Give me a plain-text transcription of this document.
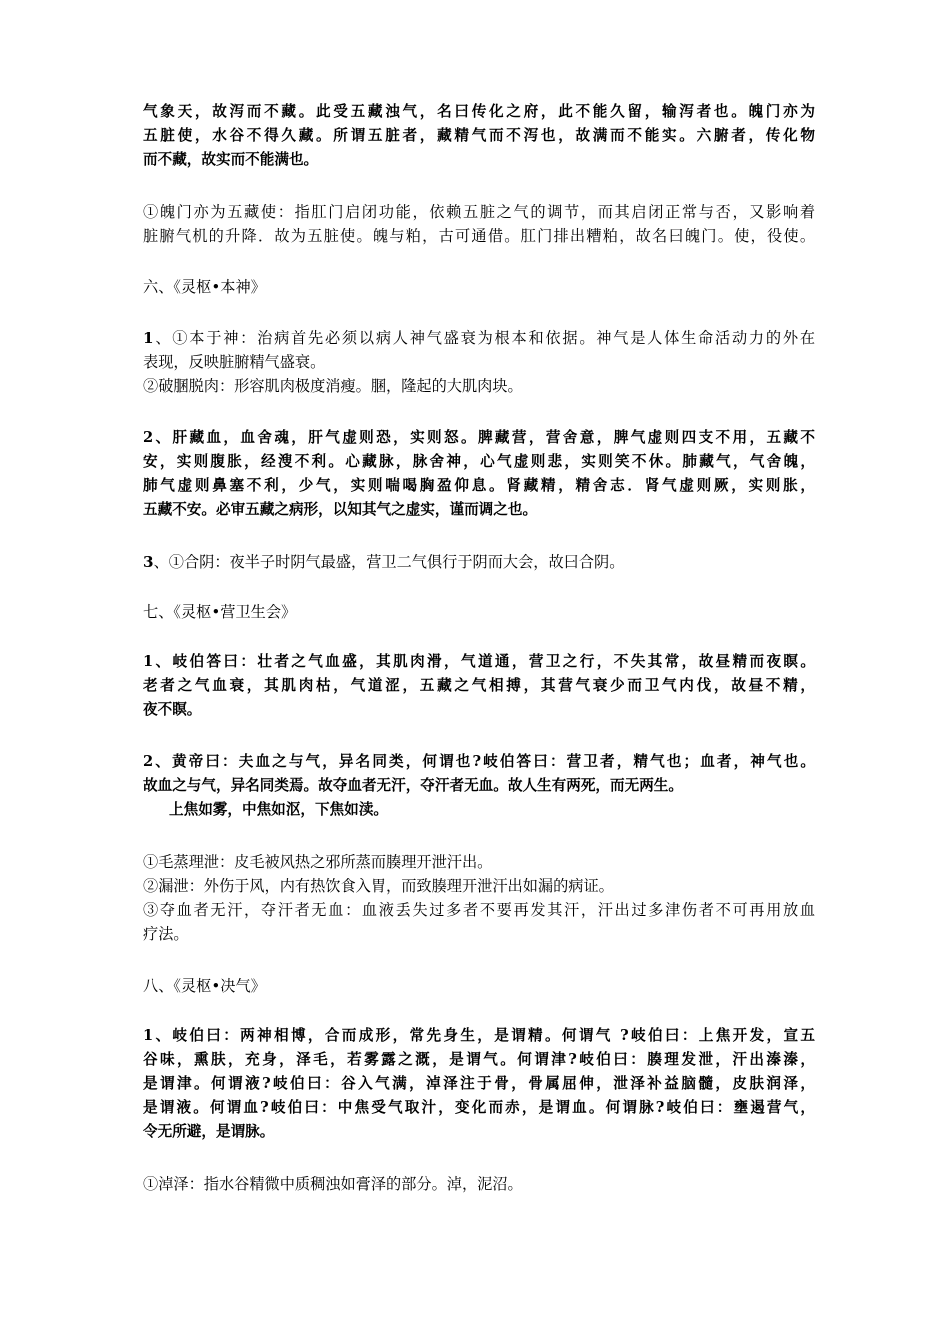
气象天，故泻而不藏。此受五藏浊气，名曰传化之府，此不能久留，输泻者也。魄门亦为
五脏使，水谷不得久藏。所谓五脏者，藏精气而不泻也，故满而不能实。六腑者，传化物
而不藏，故实而不能满也。
①魄门亦为五藏使：指肛门启闭功能，依赖五脏之气的调节，而其启闭正常与否，又影响着
脏腑气机的升降．故为五脏使。魄与粕，古可通借。肛门排出糟粕，故名曰魄门。使，役使。
六、《灵枢•本神》
1、①本于神：治病首先必须以病人神气盛衰为根本和依据。神气是人体生命活动力的外在
表现，反映脏腑精气盛衰。
②破䐃脱肉：形容肌肉极度消瘦。䐃，隆起的大肌肉块。
2、肝藏血，血舍魂，肝气虚则恐，实则怒。脾藏营，营舍意，脾气虚则四支不用，五藏不
安，实则腹胀，经溲不利。心藏脉，脉舍神，心气虚则悲，实则笑不休。肺藏气，气舍魄，
肺气虚则鼻塞不利，少气，实则喘喝胸盈仰息。肾藏精，精舍志．肾气虚则厥，实则胀，
五藏不安。必审五藏之病形，以知其气之虚实，谨而调之也。
3、①合阴：夜半子时阴气最盛，营卫二气俱行于阴而大会，故曰合阴。
七、《灵枢•营卫生会》
1、岐伯答曰：壮者之气血盛，其肌肉滑，气道通，营卫之行，不失其常，故昼精而夜瞑。
老者之气血衰，其肌肉枯，气道涩，五藏之气相搏，其营气衰少而卫气内伐，故昼不精，
夜不瞑。
2、黄帝曰：夫血之与气，异名同类，何谓也?岐伯答曰：营卫者，精气也；血者，神气也。
故血之与气，异名同类焉。故夺血者无汗，夺汗者无血。故人生有两死，而无两生。
上焦如雾，中焦如沤，下焦如渎。
①毛蒸理泄：皮毛被风热之邪所蒸而腠理开泄汗出。
②漏泄：外伤于风，内有热饮食入胃，而致腠理开泄汗出如漏的病证。
③夺血者无汗，夺汗者无血：血液丢失过多者不要再发其汗，汗出过多津伤者不可再用放血
疗法。
八、《灵枢•决气》
1、岐伯曰：两神相博，合而成形，常先身生，是谓精。何谓气 ?岐伯曰：上焦开发，宣五
谷味，熏肤，充身，泽毛，若雾露之溉，是谓气。何谓津?岐伯曰：腠理发泄，汗出溱溱，
是谓津。何谓液?岐伯曰：谷入气满，淖泽注于骨，骨属屈伸，泄泽补益脑髓，皮肤润泽，
是谓液。何谓血?岐伯曰：中焦受气取汁，变化而赤，是谓血。何谓脉?岐伯曰：壅遏营气，
令无所避，是谓脉。
①淖泽：指水谷精微中质稠浊如膏泽的部分。淖，泥沼。
